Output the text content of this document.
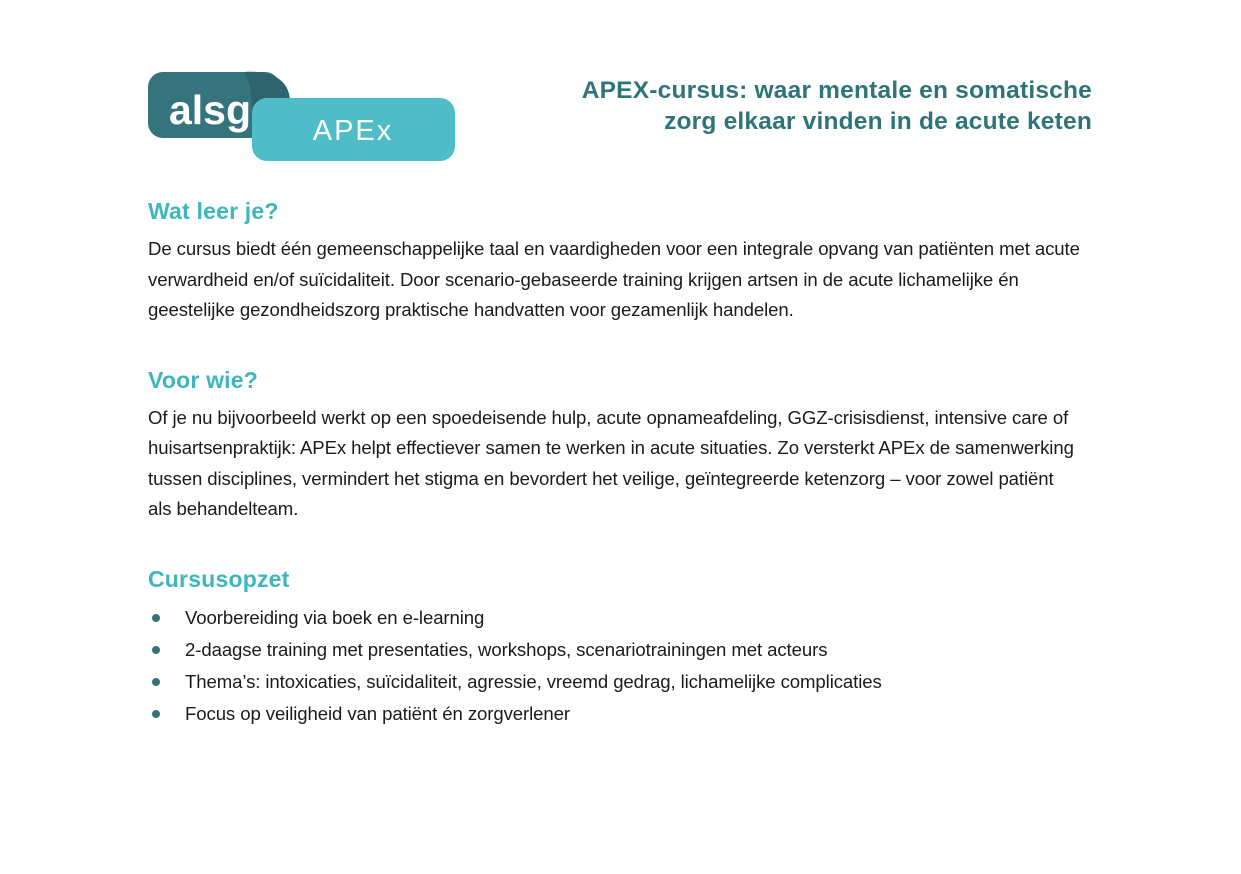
alsg APEx
APEX-cursus: waar mentale en somatische
zorg elkaar vinden in de acute keten
Wat leer je?

De cursus biedt één gemeenschappelijke taal en vaardigheden voor een integrale opvang van patiënten met acute verwardheid en/of suïcidaliteit. Door scenario-gebaseerde training krijgen artsen in de acute lichamelijke én geestelijke gezondheidszorg praktische handvatten voor gezamenlijk handelen.

Voor wie?

Of je nu bijvoorbeeld werkt op een spoedeisende hulp, acute opnameafdeling, GGZ-crisisdienst, intensive care of huisartsenpraktijk: APEx helpt effectiever samen te werken in acute situaties. Zo versterkt APEx de samenwerking tussen disciplines, vermindert het stigma en bevordert het veilige, geïntegreerde ketenzorg – voor zowel patiënt als behandelteam.

Cursusopzet
Voorbereiding via boek en e-learning
2-daagse training met presentaties, workshops, scenariotrainingen met acteurs
Thema’s: intoxicaties, suïcidaliteit, agressie, vreemd gedrag, lichamelijke complicaties
Focus op veiligheid van patiënt én zorgverlener
